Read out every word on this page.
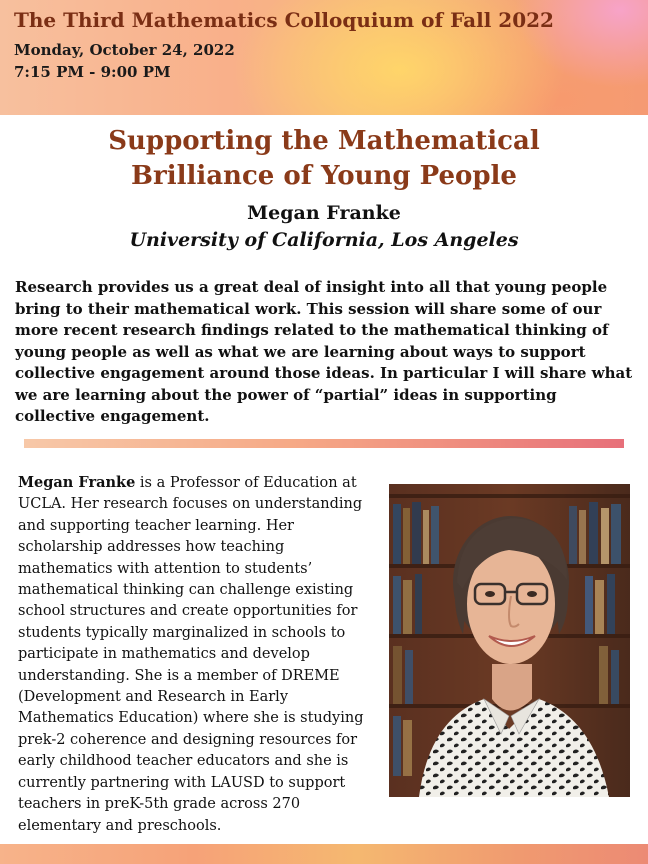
The Third Mathematics Colloquium of Fall 2022
Monday, October 24, 2022
7:15 PM - 9:00 PM
Supporting the Mathematical
Brilliance of Young People
Megan Franke
University of California, Los Angeles
Research provides us a great deal of insight into all that young people bring to their mathematical work. This session will share some of our more recent research findings related to the mathematical thinking of young people as well as what we are learning about ways to support collective engagement around those ideas. In particular I will share what we are learning about the power of “partial” ideas in supporting collective engagement.
Megan Franke is a Professor of Education at UCLA. Her research focuses on understanding and supporting teacher learning. Her scholarship addresses how teaching mathematics with attention to students’ mathematical thinking can challenge existing school structures and create opportunities for students typically marginalized in schools to participate in mathematics and develop understanding. She is a member of DREME (Development and Research in Early Mathematics Education) where she is studying prek-2 coherence and designing resources for early childhood teacher educators and she is currently partnering with LAUSD to support teachers in preK-5th grade across 270 elementary and preschools.
